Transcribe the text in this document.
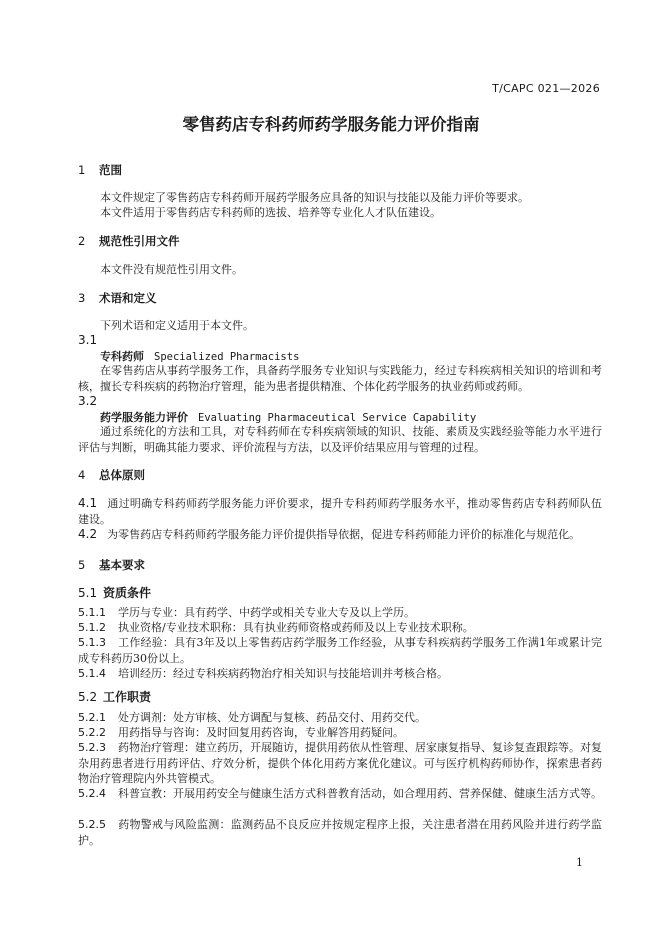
T/CAPC 021—2026
零售药店专科药师药学服务能力评价指南
1 范围
本文件规定了零售药店专科药师开展药学服务应具备的知识与技能以及能力评价等要求。
本文件适用于零售药店专科药师的选拔、培养等专业化人才队伍建设。
2 规范性引用文件
本文件没有规范性引用文件。
3 术语和定义
下列术语和定义适用于本文件。
3.1
专科药师 Specialized Pharmacists
在零售药店从事药学服务工作，具备药学服务专业知识与实践能力，经过专科疾病相关知识的培训和考核，擅长专科疾病的药物治疗管理，能为患者提供精准、个体化药学服务的执业药师或药师。
3.2
药学服务能力评价 Evaluating Pharmaceutical Service Capability
通过系统化的方法和工具，对专科药师在专科疾病领域的知识、技能、素质及实践经验等能力水平进行评估与判断，明确其能力要求、评价流程与方法，以及评价结果应用与管理的过程。
4 总体原则
4.1 通过明确专科药师药学服务能力评价要求，提升专科药师药学服务水平，推动零售药店专科药师队伍建设。
4.2 为零售药店专科药师药学服务能力评价提供指导依据，促进专科药师能力评价的标准化与规范化。
5 基本要求
5.1 资质条件
5.1.1 学历与专业：具有药学、中药学或相关专业大专及以上学历。
5.1.2 执业资格/专业技术职称：具有执业药师资格或药师及以上专业技术职称。
5.1.3 工作经验：具有3年及以上零售药店药学服务工作经验，从事专科疾病药学服务工作满1年或累计完成专科药历30份以上。
5.1.4 培训经历：经过专科疾病药物治疗相关知识与技能培训并考核合格。
5.2 工作职责
5.2.1 处方调剂：处方审核、处方调配与复核、药品交付、用药交代。
5.2.2 用药指导与咨询：及时回复用药咨询，专业解答用药疑问。
5.2.3 药物治疗管理：建立药历，开展随访，提供用药依从性管理、居家康复指导、复诊复查跟踪等。对复杂用药患者进行用药评估、疗效分析，提供个体化用药方案优化建议。可与医疗机构药师协作，探索患者药物治疗管理院内外共管模式。
5.2.4 科普宣教：开展用药安全与健康生活方式科普教育活动，如合理用药、营养保健、健康生活方式等。
5.2.5 药物警戒与风险监测：监测药品不良反应并按规定程序上报，关注患者潜在用药风险并进行药学监护。
1
